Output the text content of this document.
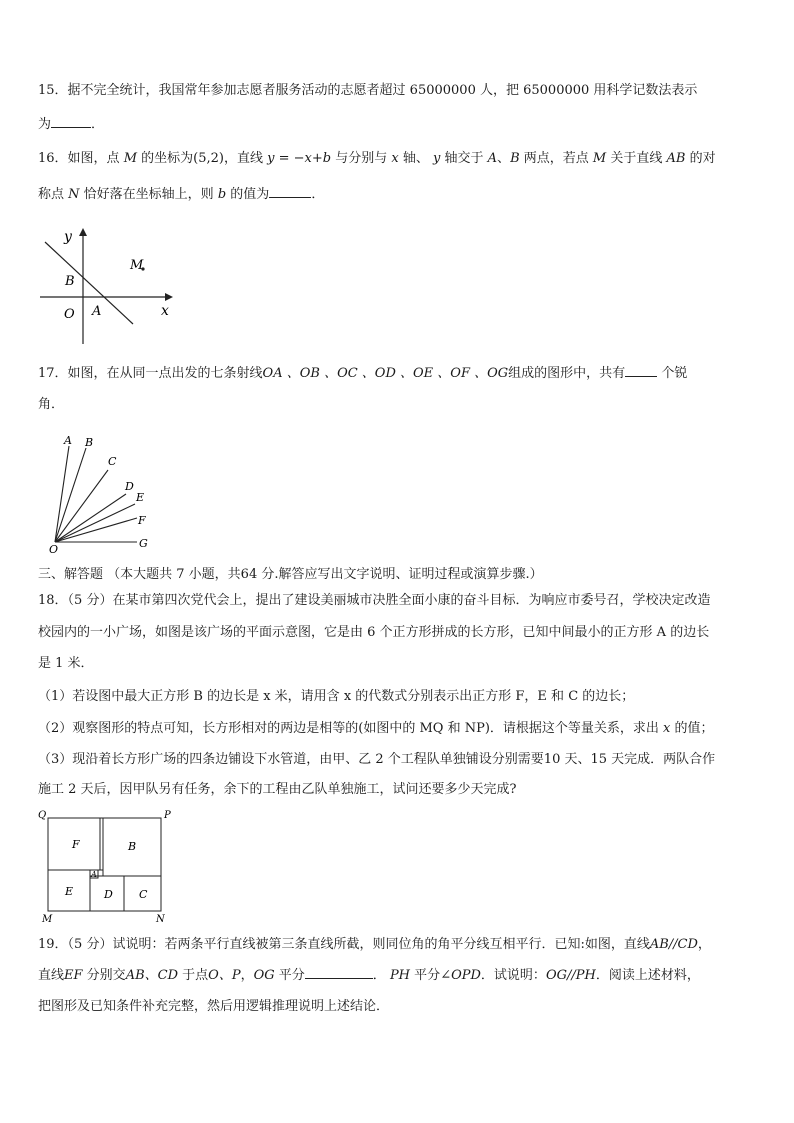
15．据不完全统计，我国常年参加志愿者服务活动的志愿者超过 65000000 人，把 65000000 用科学记数法表示
为	．
16．如图，点 M 的坐标为(5,2)，直线 y = −x+b 与分别与 x 轴、 y 轴交于 A、B 两点，若点 M 关于直线 AB 的对
称点 N 恰好落在坐标轴上，则 b 的值为	．
y
x
M
B
O A
17．如图，在从同一点出发的七条射线OA 、OB 、OC 、OD 、OE 、OF 、OG组成的图形中，共有	个锐
角．
A B
C
D
E
F
G
O
三、解答题 （本大题共 7 小题，共64 分.解答应写出文字说明、证明过程或演算步骤.）
18．（5 分）在某市第四次党代会上，提出了建设美丽城市决胜全面小康的奋斗目标．为响应市委号召，学校决定改造
校园内的一小广场，如图是该广场的平面示意图，它是由 6 个正方形拼成的长方形，已知中间最小的正方形 A 的边长
是 1 米．
（1）若设图中最大正方形 B 的边长是 x 米，请用含 x 的代数式分别表示出正方形 F，E 和 C 的边长；
（2）观察图形的特点可知，长方形相对的两边是相等的(如图中的 MQ 和 NP)．请根据这个等量关系，求出 x 的值；
（3）现沿着长方形广场的四条边铺设下水管道，由甲、乙 2 个工程队单独铺设分别需要10 天、15 天完成．两队合作
施工 2 天后，因甲队另有任务，余下的工程由乙队单独施工，试问还要多少天完成?
Q	P
M	N
F	B
A
E	D C
19．（5 分）试说明：若两条平行直线被第三条直线所截，则同位角的角平分线互相平行．已知:如图，直线AB//CD，
直线EF 分别交AB、CD 于点O、P，OG 平分	． PH 平分∠OPD．试说明：OG//PH．阅读上述材料，
把图形及已知条件补充完整，然后用逻辑推理说明上述结论．
